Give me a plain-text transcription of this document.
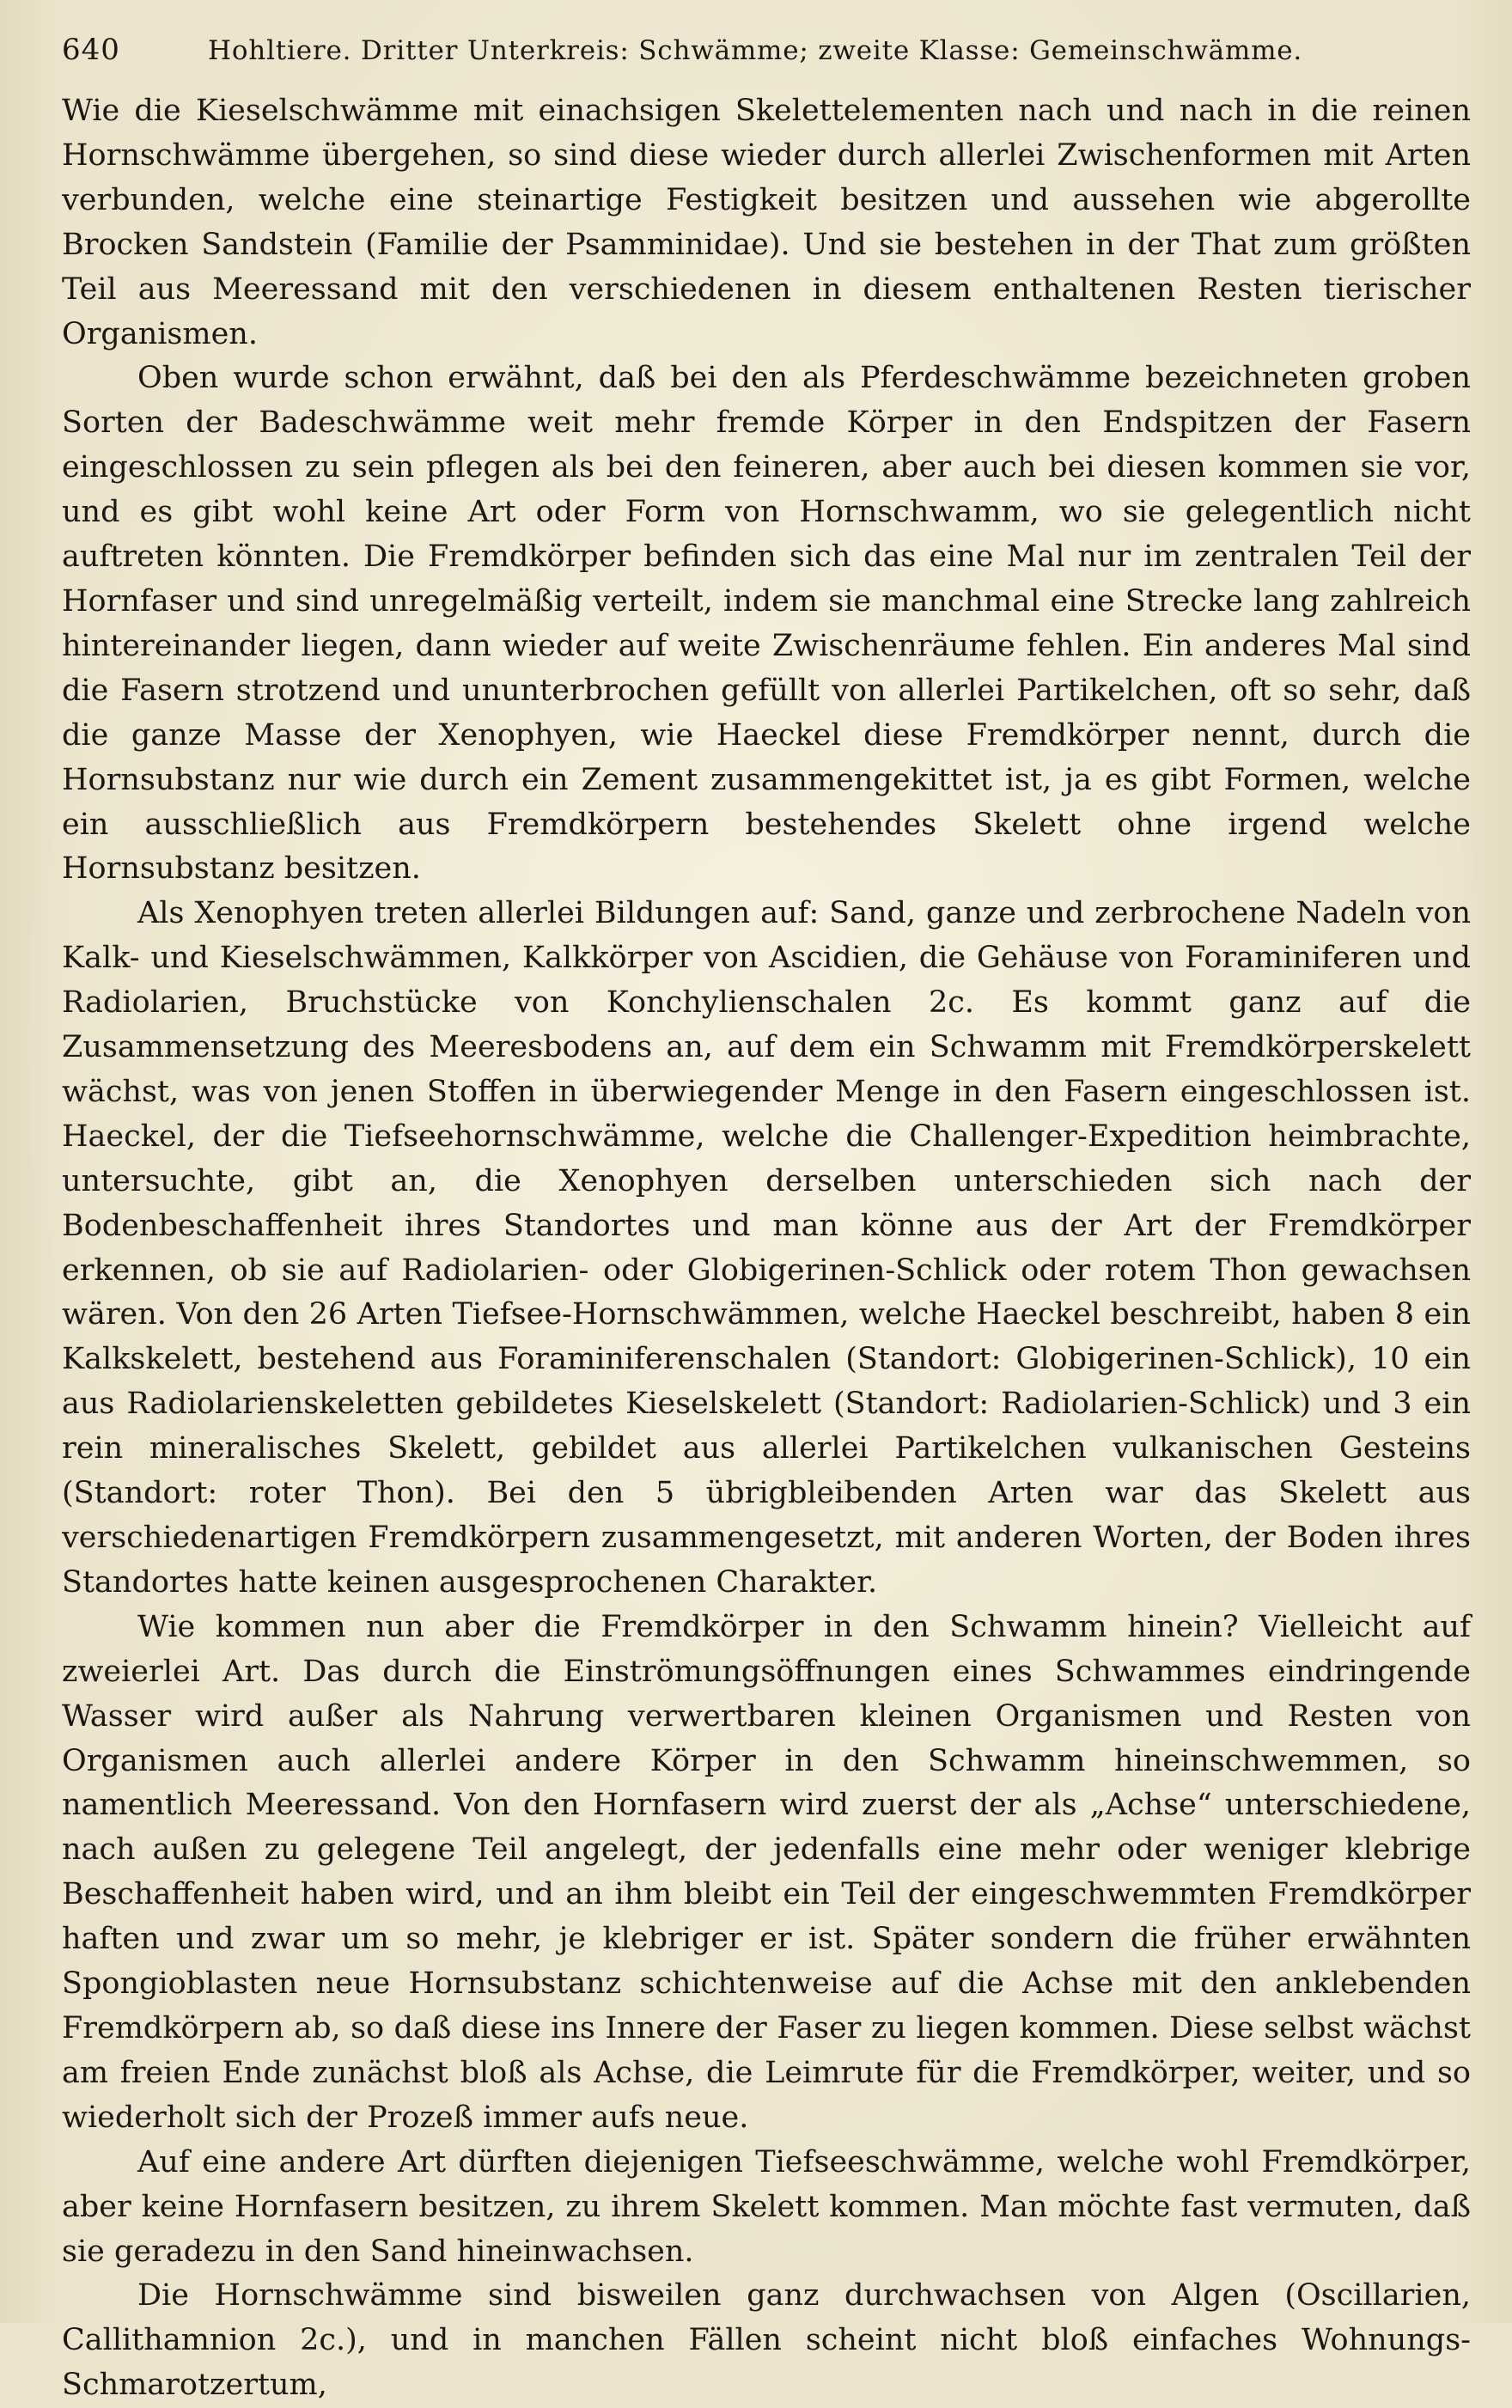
640	Hohltiere. Dritter Unterkreis: Schwämme; zweite Klasse: Gemeinschwämme.

Wie die Kieselschwämme mit einachsigen Skelettelementen nach und nach in die reinen Hornschwämme übergehen, so sind diese wieder durch allerlei Zwischenformen mit Arten verbunden, welche eine steinartige Festigkeit besitzen und aussehen wie abgerollte Brocken Sandstein (Familie der Psamminidae). Und sie bestehen in der That zum größten Teil aus Meeressand mit den verschiedenen in diesem enthaltenen Resten tierischer Organismen.

Oben wurde schon erwähnt, daß bei den als Pferdeschwämme bezeichneten groben Sorten der Badeschwämme weit mehr fremde Körper in den Endspitzen der Fasern eingeschlossen zu sein pflegen als bei den feineren, aber auch bei diesen kommen sie vor, und es gibt wohl keine Art oder Form von Hornschwamm, wo sie gelegentlich nicht auftreten könnten. Die Fremdkörper befinden sich das eine Mal nur im zentralen Teil der Hornfaser und sind unregelmäßig verteilt, indem sie manchmal eine Strecke lang zahlreich hintereinander liegen, dann wieder auf weite Zwischenräume fehlen. Ein anderes Mal sind die Fasern strotzend und ununterbrochen gefüllt von allerlei Partikelchen, oft so sehr, daß die ganze Masse der Xenophyen, wie Haeckel diese Fremdkörper nennt, durch die Hornsubstanz nur wie durch ein Zement zusammengekittet ist, ja es gibt Formen, welche ein ausschließlich aus Fremdkörpern bestehendes Skelett ohne irgend welche Hornsubstanz besitzen.

Als Xenophyen treten allerlei Bildungen auf: Sand, ganze und zerbrochene Nadeln von Kalk- und Kieselschwämmen, Kalkkörper von Ascidien, die Gehäuse von Foraminiferen und Radiolarien, Bruchstücke von Konchylienschalen 2c. Es kommt ganz auf die Zusammensetzung des Meeresbodens an, auf dem ein Schwamm mit Fremdkörperskelett wächst, was von jenen Stoffen in überwiegender Menge in den Fasern eingeschlossen ist. Haeckel, der die Tiefseehornschwämme, welche die Challenger-Expedition heimbrachte, untersuchte, gibt an, die Xenophyen derselben unterschieden sich nach der Bodenbeschaffenheit ihres Standortes und man könne aus der Art der Fremdkörper erkennen, ob sie auf Radiolarien- oder Globigerinen-Schlick oder rotem Thon gewachsen wären. Von den 26 Arten Tiefsee-Hornschwämmen, welche Haeckel beschreibt, haben 8 ein Kalkskelett, bestehend aus Foraminiferenschalen (Standort: Globigerinen-Schlick), 10 ein aus Radiolarienskeletten gebildetes Kieselskelett (Standort: Radiolarien-Schlick) und 3 ein rein mineralisches Skelett, gebildet aus allerlei Partikelchen vulkanischen Gesteins (Standort: roter Thon). Bei den 5 übrigbleibenden Arten war das Skelett aus verschiedenartigen Fremdkörpern zusammengesetzt, mit anderen Worten, der Boden ihres Standortes hatte keinen ausgesprochenen Charakter.

Wie kommen nun aber die Fremdkörper in den Schwamm hinein? Vielleicht auf zweierlei Art. Das durch die Einströmungsöffnungen eines Schwammes eindringende Wasser wird außer als Nahrung verwertbaren kleinen Organismen und Resten von Organismen auch allerlei andere Körper in den Schwamm hineinschwemmen, so namentlich Meeressand. Von den Hornfasern wird zuerst der als „Achse“ unterschiedene, nach außen zu gelegene Teil angelegt, der jedenfalls eine mehr oder weniger klebrige Beschaffenheit haben wird, und an ihm bleibt ein Teil der eingeschwemmten Fremdkörper haften und zwar um so mehr, je klebriger er ist. Später sondern die früher erwähnten Spongioblasten neue Hornsubstanz schichtenweise auf die Achse mit den anklebenden Fremdkörpern ab, so daß diese ins Innere der Faser zu liegen kommen. Diese selbst wächst am freien Ende zunächst bloß als Achse, die Leimrute für die Fremdkörper, weiter, und so wiederholt sich der Prozeß immer aufs neue.

Auf eine andere Art dürften diejenigen Tiefseeschwämme, welche wohl Fremdkörper, aber keine Hornfasern besitzen, zu ihrem Skelett kommen. Man möchte fast vermuten, daß sie geradezu in den Sand hineinwachsen.

Die Hornschwämme sind bisweilen ganz durchwachsen von Algen (Oscillarien, Callithamnion 2c.), und in manchen Fällen scheint nicht bloß einfaches Wohnungs-Schmarotzertum,
